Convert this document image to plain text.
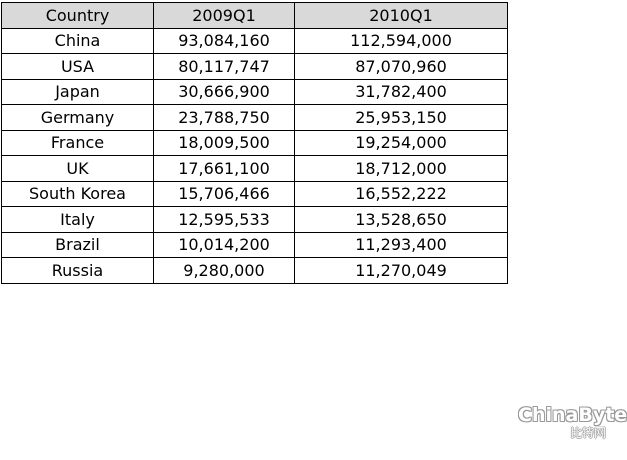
Country	2009Q1	2010Q1
China	93,084,160	112,594,000
USA	80,117,747	87,070,960
Japan	30,666,900	31,782,400
Germany	23,788,750	25,953,150
France	18,009,500	19,254,000
UK	17,661,100	18,712,000
South Korea	15,706,466	16,552,222
Italy	12,595,533	13,528,650
Brazil	10,014,200	11,293,400
Russia	9,280,000	11,270,049
ChinaByte
比特网
